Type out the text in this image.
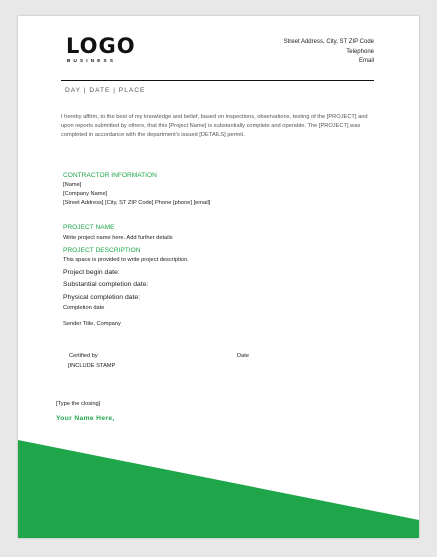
LOGO
BUSINESS
Street Address, City, ST ZIP Code
Telephone
Email
DAY | DATE | PLACE
I hereby affirm, to the best of my knowledge and belief, based on inspections, observations, testing of the [PROJECT] and upon reports submitted by others, that this [Project Name] is substantially complete and operable. The [PROJECT] was completed in accordance with the department's issued [DETAILS] permit.
CONTRACTOR INFORMATION
[Name]
[Company Name]
[Street Address] [City, ST ZIP Code] Phone [phone] [email]
PROJECT NAME
Write project name here. Add further details
PROJECT DESCRIPTION
This space is provided to write project description.
Project begin date:
Substantial completion date:
Physical completion date:
Completion date
Sender Title, Company
Certified by
[INCLUDE STAMP
Date
[Type the closing]
Your Name Here,
